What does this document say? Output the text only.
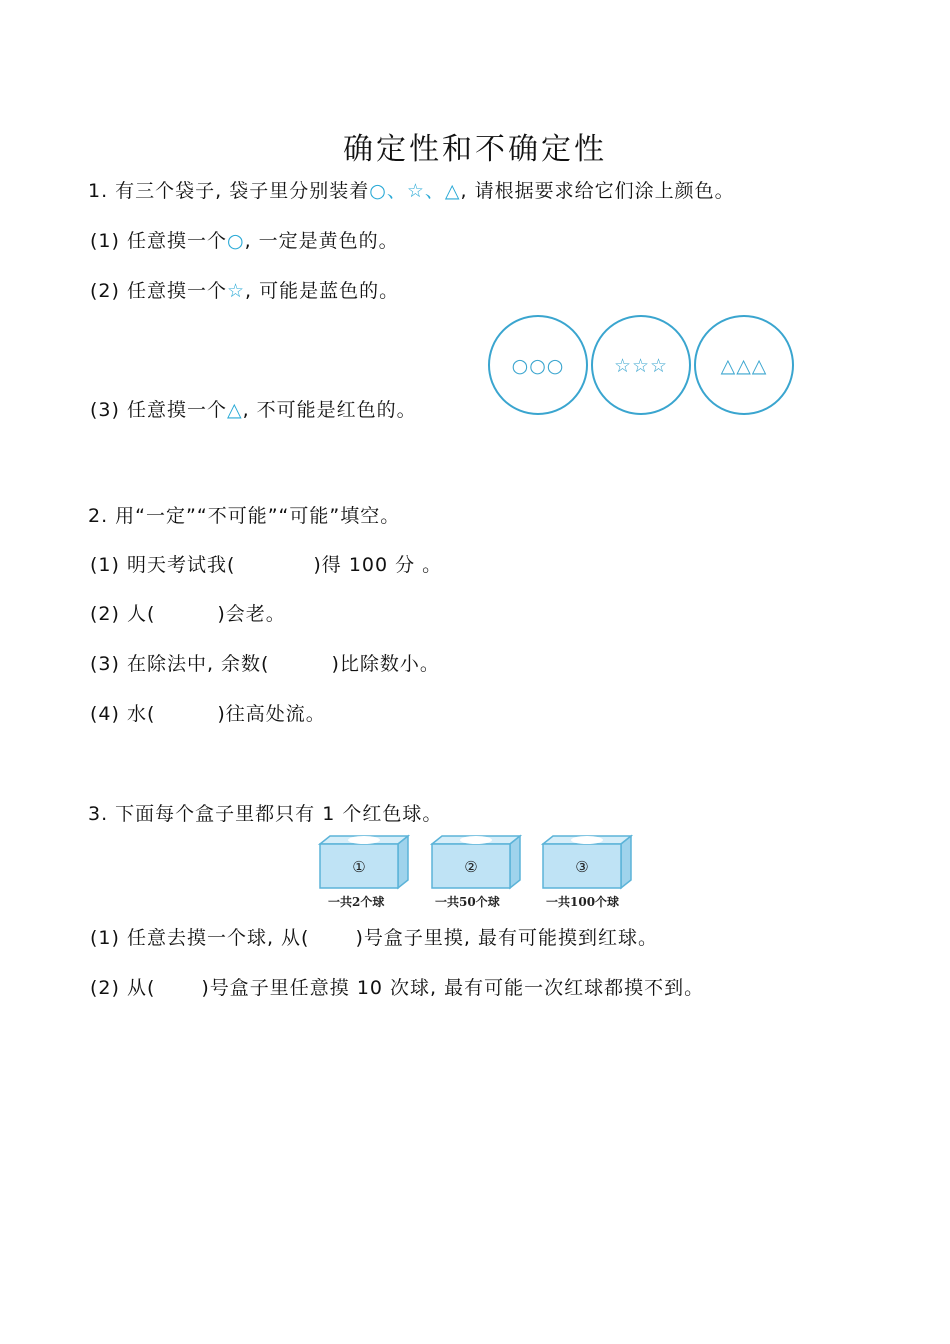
确定性和不确定性
1. 有三个袋子, 袋子里分别装着○、☆、△, 请根据要求给它们涂上颜色。
(1) 任意摸一个○, 一定是黄色的。
(2) 任意摸一个☆, 可能是蓝色的。
(3) 任意摸一个△, 不可能是红色的。
○○○	☆☆☆	△△△
2. 用“一定”“不可能”“可能”填空。
(1) 明天考试我(	)得 100 分 。
(2) 人(	)会老。
(3) 在除法中, 余数(	)比除数小。
(4) 水(	)往高处流。
3. 下面每个盒子里都只有 1 个红色球。
①	②	③
一共2个球	一共50个球	一共100个球
(1) 任意去摸一个球, 从( )号盒子里摸, 最有可能摸到红球。
(2) 从( )号盒子里任意摸 10 次球, 最有可能一次红球都摸不到。
